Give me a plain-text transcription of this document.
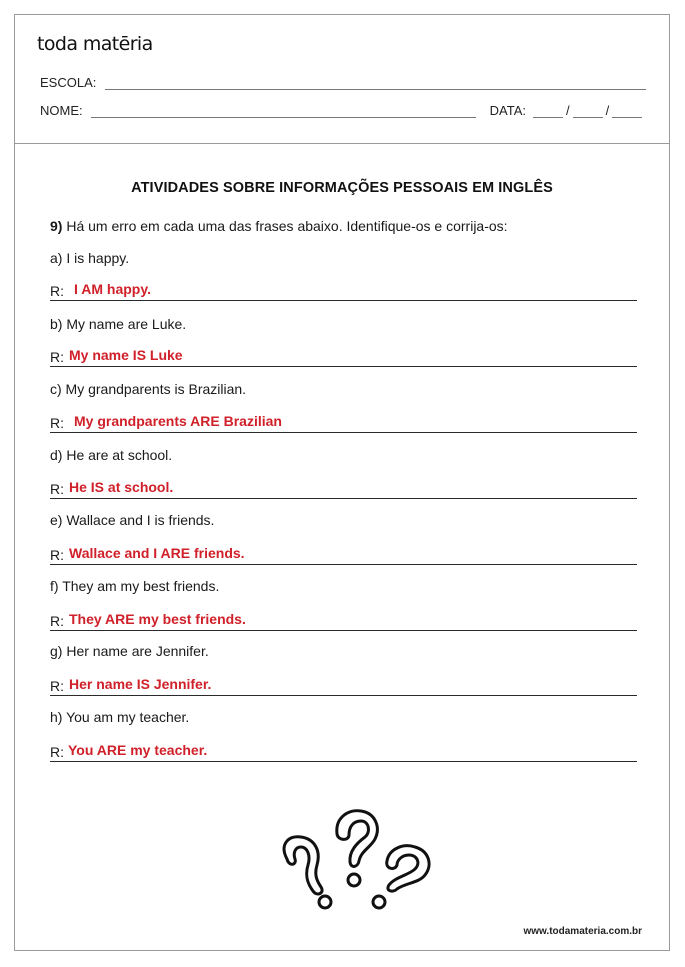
toda matēria
ESCOLA:
NOME:	DATA:	/	/
ATIVIDADES SOBRE INFORMAÇÕES PESSOAIS EM INGLÊS
9) Há um erro em cada uma das frases abaixo. Identifique-os e corrija-os:
a) I is happy.
R: I AM happy.
b) My name are Luke.
R: My name IS Luke
c) My grandparents is Brazilian.
R: My grandparents ARE Brazilian
d) He are at school.
R: He IS at school.
e) Wallace and I is friends.
R: Wallace and I ARE friends.
f) They am my best friends.
R: They ARE my best friends.
g) Her name are Jennifer.
R: Her name IS Jennifer.
h) You am my teacher.
R: You ARE my teacher.
www.todamateria.com.br
